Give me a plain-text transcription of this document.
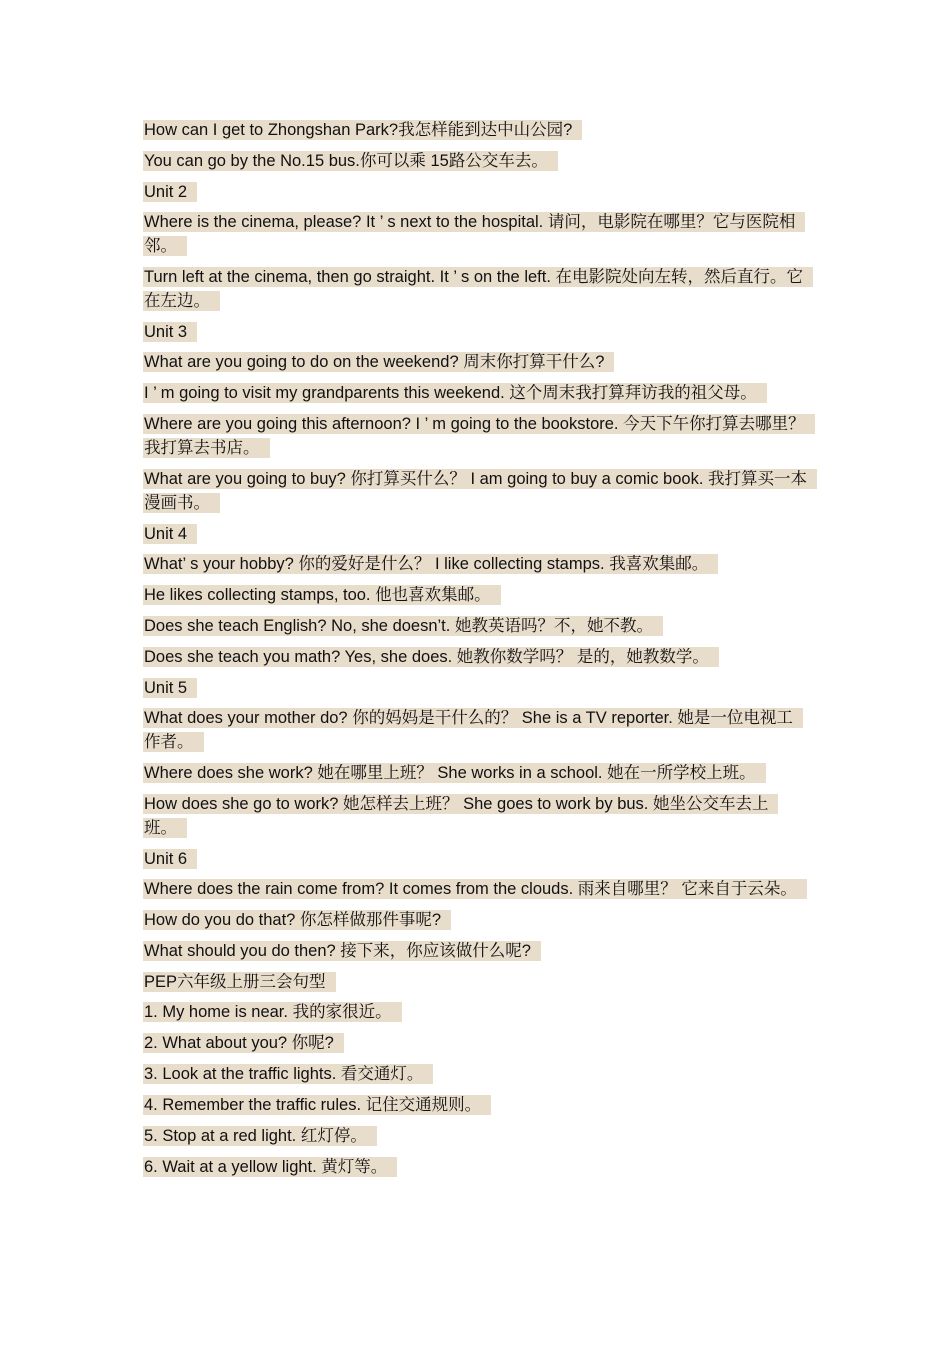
How can I get to Zhongshan Park?我怎样能到达中山公园?
You can go by the No.15 bus.你可以乘 15路公交车去。
Unit 2
Where is the cinema, please? It ’ s next to the hospital. 请问，电影院在哪里？它与医院相邻。
Turn left at the cinema, then go straight. It ’ s on the left. 在电影院处向左转，然后直行。它在左边。
Unit 3
What are you going to do on the weekend? 周末你打算干什么?
I ’ m going to visit my grandparents this weekend. 这个周末我打算拜访我的祖父母。
Where are you going this afternoon? I ’ m going to the bookstore. 今天下午你打算去哪里？我打算去书店。
What are you going to buy? 你打算买什么？ I am going to buy a comic book. 我打算买一本漫画书。
Unit 4
What’ s your hobby? 你的爱好是什么？ I like collecting stamps. 我喜欢集邮。
He likes collecting stamps, too. 他也喜欢集邮。
Does she teach English? No, she doesn’t. 她教英语吗？不，她不教。
Does she teach you math? Yes, she does. 她教你数学吗？ 是的，她教数学。
Unit 5
What does your mother do? 你的妈妈是干什么的？ She is a TV reporter. 她是一位电视工作者。
Where does she work? 她在哪里上班？ She works in a school. 她在一所学校上班。
How does she go to work? 她怎样去上班？ She goes to work by bus. 她坐公交车去上班。
Unit 6
Where does the rain come from? It comes from the clouds. 雨来自哪里？ 它来自于云朵。
How do you do that? 你怎样做那件事呢?
What should you do then? 接下来，你应该做什么呢?
PEP六年级上册三会句型
1. My home is near. 我的家很近。
2. What about you? 你呢?
3. Look at the traffic lights. 看交通灯。
4. Remember the traffic rules. 记住交通规则。
5. Stop at a red light. 红灯停。
6. Wait at a yellow light. 黄灯等。
